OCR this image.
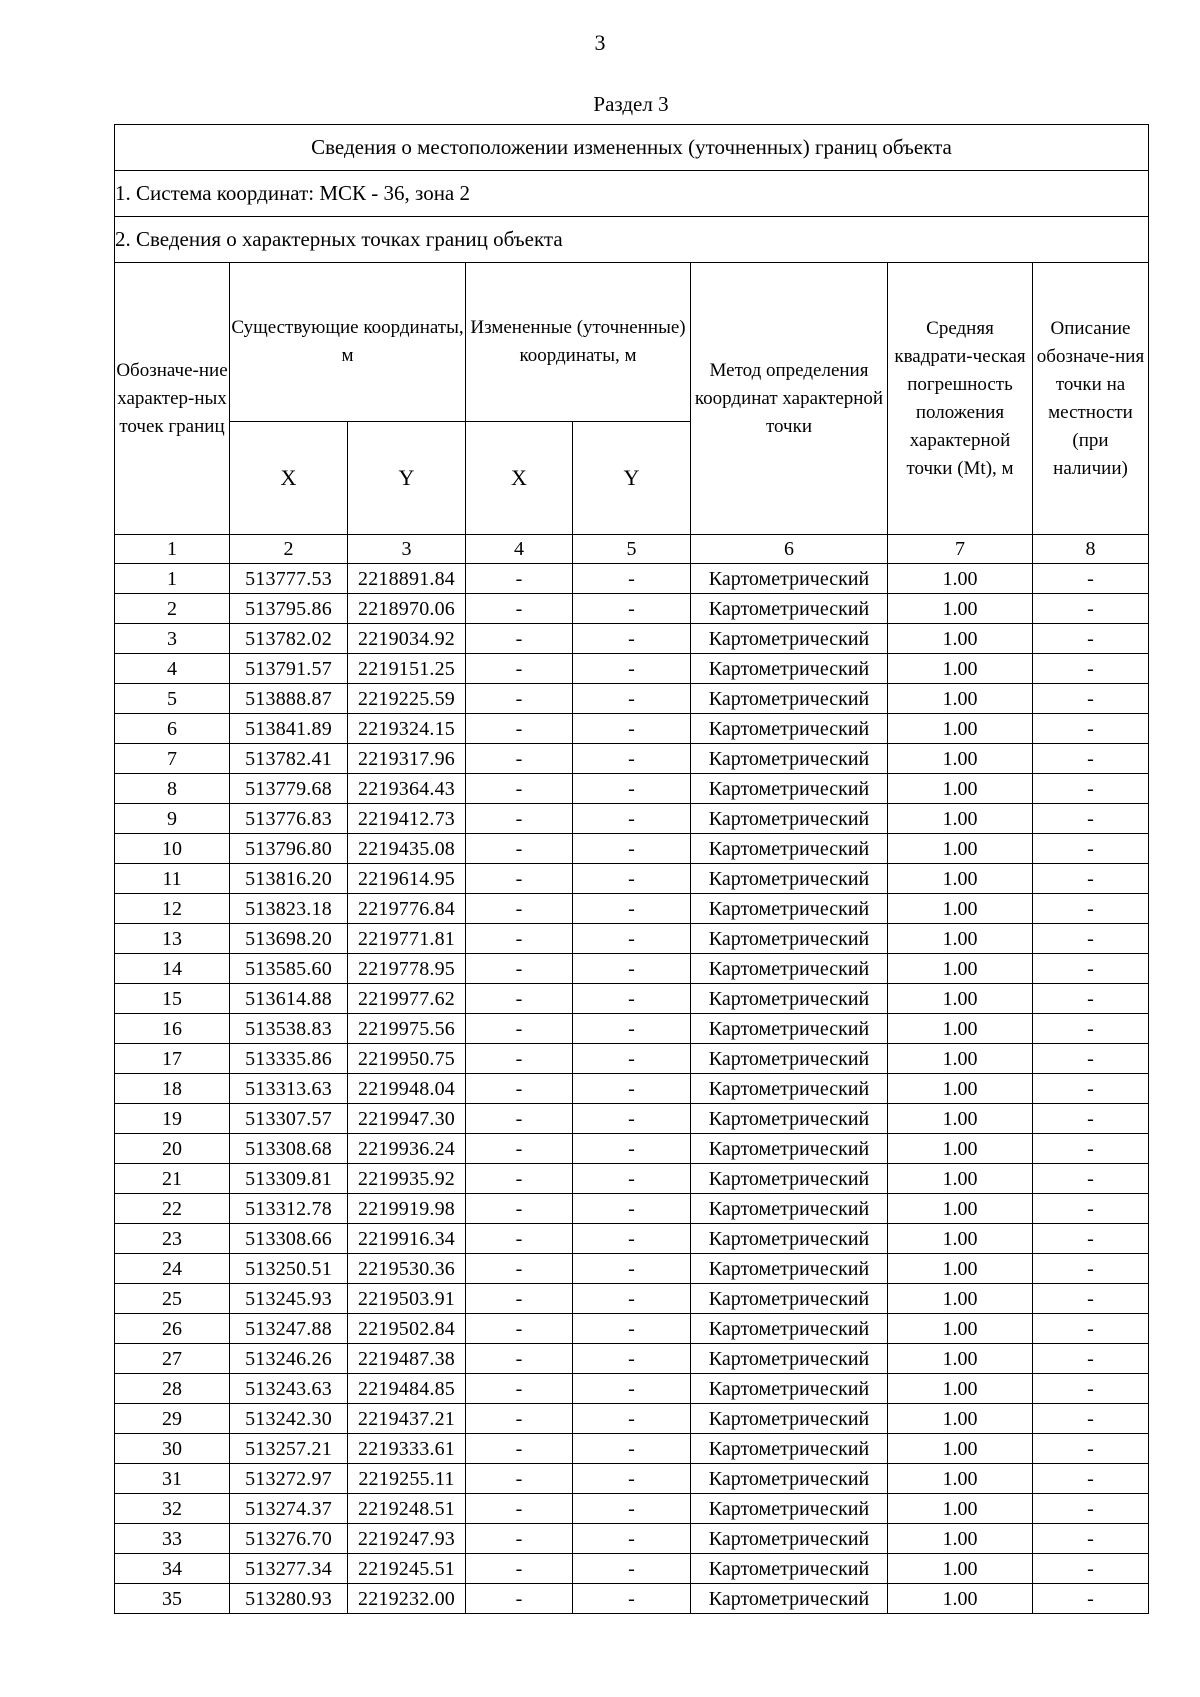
3
Раздел 3
Сведения о местоположении измененных (уточненных) границ объекта							
1. Система координат: МСК - 36, зона 2							
2. Сведения о характерных точках границ объекта							
Обозначе-ние характер-ных точек границ	Существующие координаты, м		Измененные (уточненные) координаты, м		Метод определения координат характерной точки	Средняя квадрати-ческая погрешность положения характерной точки (Mt), м	Описание обозначе-ния точки на местности (при наличии)
	X	Y	X	Y			
1	2	3	4	5	6	7	8
1	513777.53	2218891.84	-	-	Картометрический	1.00	-
2	513795.86	2218970.06	-	-	Картометрический	1.00	-
3	513782.02	2219034.92	-	-	Картометрический	1.00	-
4	513791.57	2219151.25	-	-	Картометрический	1.00	-
5	513888.87	2219225.59	-	-	Картометрический	1.00	-
6	513841.89	2219324.15	-	-	Картометрический	1.00	-
7	513782.41	2219317.96	-	-	Картометрический	1.00	-
8	513779.68	2219364.43	-	-	Картометрический	1.00	-
9	513776.83	2219412.73	-	-	Картометрический	1.00	-
10	513796.80	2219435.08	-	-	Картометрический	1.00	-
11	513816.20	2219614.95	-	-	Картометрический	1.00	-
12	513823.18	2219776.84	-	-	Картометрический	1.00	-
13	513698.20	2219771.81	-	-	Картометрический	1.00	-
14	513585.60	2219778.95	-	-	Картометрический	1.00	-
15	513614.88	2219977.62	-	-	Картометрический	1.00	-
16	513538.83	2219975.56	-	-	Картометрический	1.00	-
17	513335.86	2219950.75	-	-	Картометрический	1.00	-
18	513313.63	2219948.04	-	-	Картометрический	1.00	-
19	513307.57	2219947.30	-	-	Картометрический	1.00	-
20	513308.68	2219936.24	-	-	Картометрический	1.00	-
21	513309.81	2219935.92	-	-	Картометрический	1.00	-
22	513312.78	2219919.98	-	-	Картометрический	1.00	-
23	513308.66	2219916.34	-	-	Картометрический	1.00	-
24	513250.51	2219530.36	-	-	Картометрический	1.00	-
25	513245.93	2219503.91	-	-	Картометрический	1.00	-
26	513247.88	2219502.84	-	-	Картометрический	1.00	-
27	513246.26	2219487.38	-	-	Картометрический	1.00	-
28	513243.63	2219484.85	-	-	Картометрический	1.00	-
29	513242.30	2219437.21	-	-	Картометрический	1.00	-
30	513257.21	2219333.61	-	-	Картометрический	1.00	-
31	513272.97	2219255.11	-	-	Картометрический	1.00	-
32	513274.37	2219248.51	-	-	Картометрический	1.00	-
33	513276.70	2219247.93	-	-	Картометрический	1.00	-
34	513277.34	2219245.51	-	-	Картометрический	1.00	-
35	513280.93	2219232.00	-	-	Картометрический	1.00	-
